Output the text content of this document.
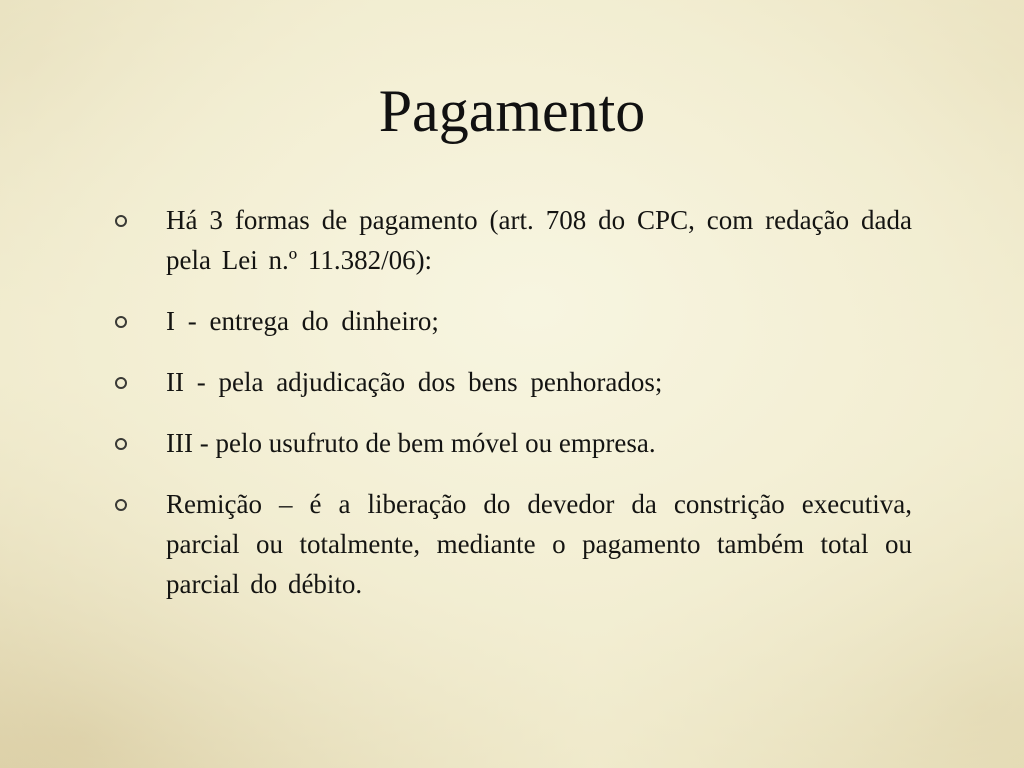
Pagamento
Há 3 formas de pagamento (art. 708 do CPC, com redação dada pela Lei n.º 11.382/06):
I - entrega do dinheiro;
II - pela adjudicação dos bens penhorados;
III - pelo usufruto de bem móvel ou empresa.
Remição – é a liberação do devedor da constrição executiva, parcial ou totalmente, mediante o pagamento também total ou parcial do débito.
